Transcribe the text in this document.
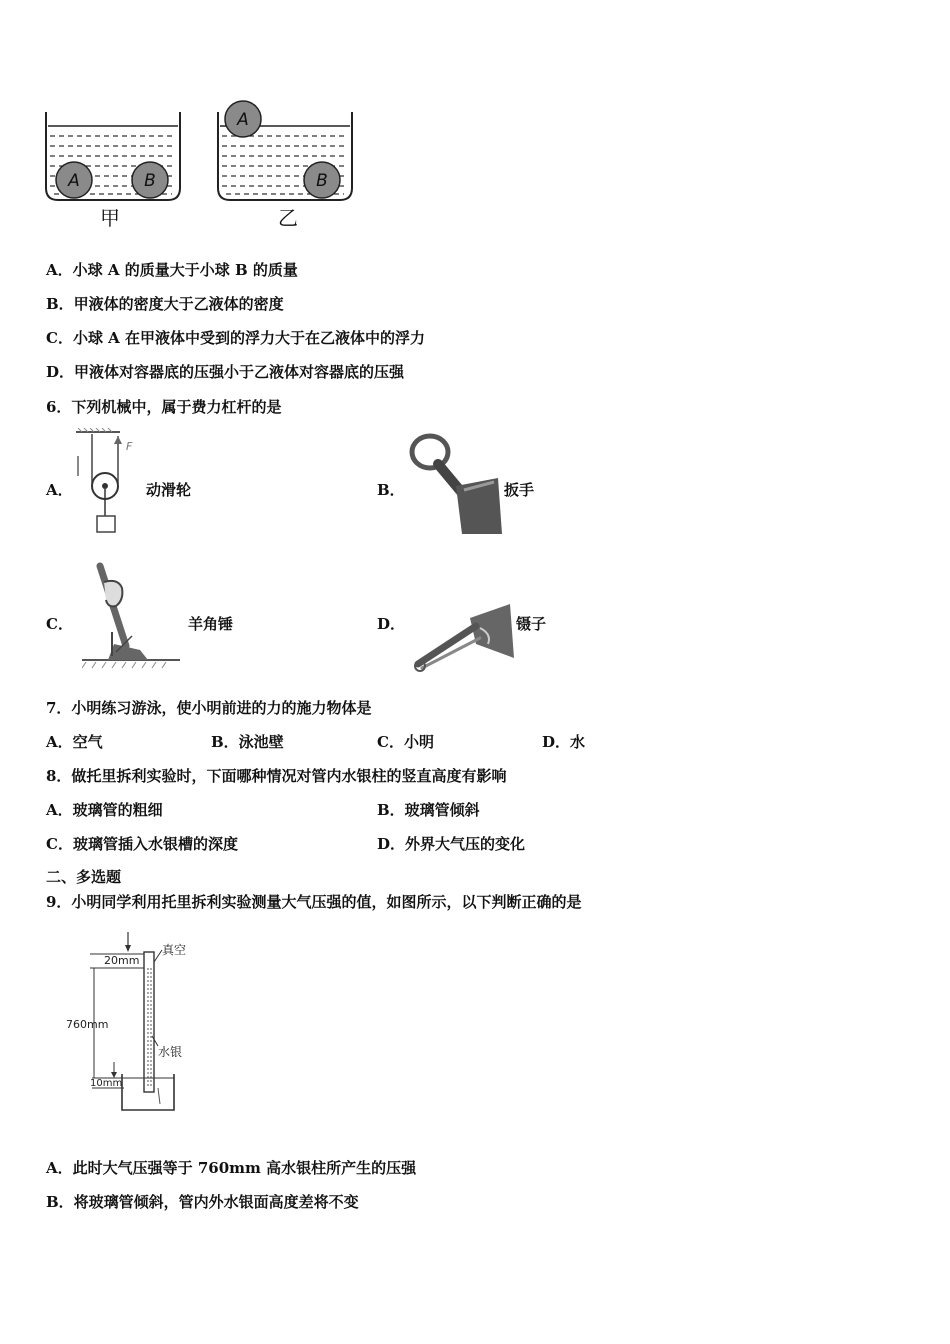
A	B
甲
A
B
乙
A．小球 A 的质量大于小球 B 的质量
B．甲液体的密度大于乙液体的密度
C．小球 A 在甲液体中受到的浮力大于在乙液体中的浮力
D．甲液体对容器底的压强小于乙液体对容器底的压强
6．下列机械中，属于费力杠杆的是
A．
F
动滑轮	B．	扳手
C．	羊角锤	D．	镊子
7．小明练习游泳，使小明前进的力的施力物体是
A．空气	B．泳池壁	C．小明	D．水
8．做托里拆利实验时，下面哪种情况对管内水银柱的竖直高度有影响
A．玻璃管的粗细	B．玻璃管倾斜
C．玻璃管插入水银槽的深度	D．外界大气压的变化
二、多选题
9．小明同学利用托里拆利实验测量大气压强的值，如图所示，以下判断正确的是
20mm
真空
760mm
水银
10mm
A．此时大气压强等于 760mm 高水银柱所产生的压强
B．将玻璃管倾斜，管内外水银面高度差将不变
